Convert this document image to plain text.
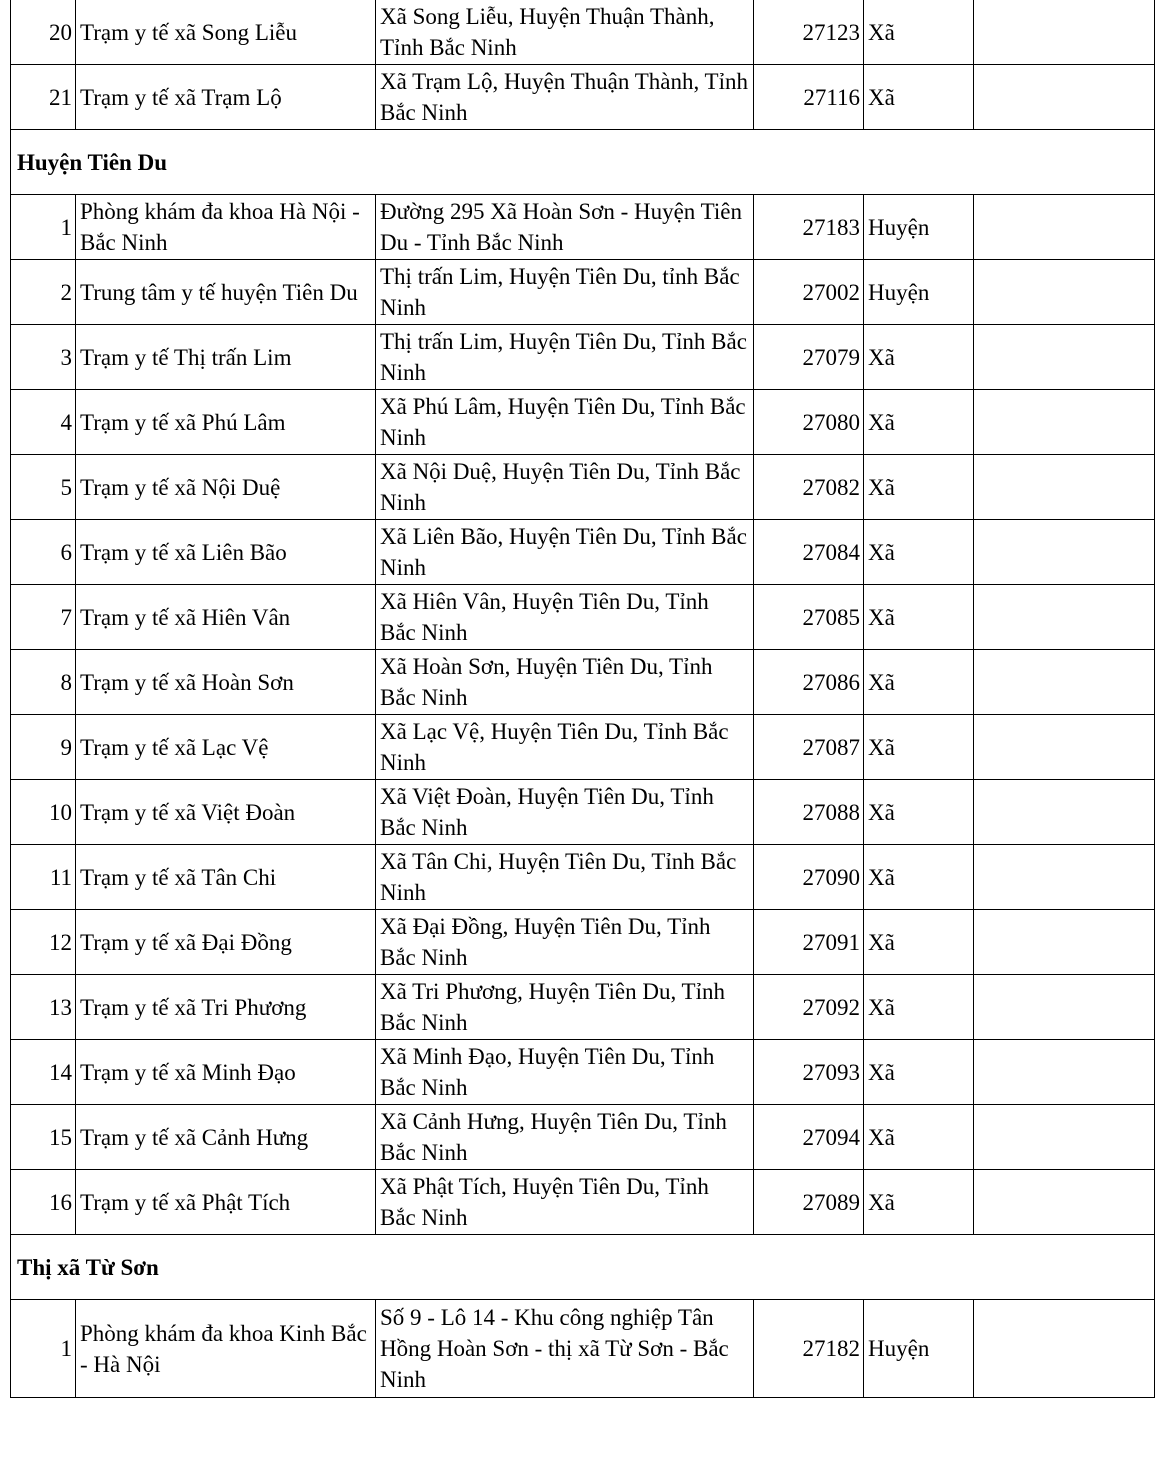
20	Trạm y tế xã Song Liễu	Xã Song Liễu, Huyện Thuận Thành, Tỉnh Bắc Ninh	27123	Xã	
21	Trạm y tế xã Trạm Lộ	Xã Trạm Lộ, Huyện Thuận Thành, Tỉnh Bắc Ninh	27116	Xã	
Huyện Tiên Du					
1	Phòng khám đa khoa Hà Nội - Bắc Ninh	Đường 295 Xã Hoàn Sơn - Huyện Tiên Du - Tỉnh Bắc Ninh	27183	Huyện	
2	Trung tâm y tế huyện Tiên Du	Thị trấn Lim, Huyện Tiên Du, tỉnh Bắc Ninh	27002	Huyện	
3	Trạm y tế Thị trấn Lim	Thị trấn Lim, Huyện Tiên Du, Tỉnh Bắc Ninh	27079	Xã	
4	Trạm y tế xã Phú Lâm	Xã Phú Lâm, Huyện Tiên Du, Tỉnh Bắc Ninh	27080	Xã	
5	Trạm y tế xã Nội Duệ	Xã Nội Duệ, Huyện Tiên Du, Tỉnh Bắc Ninh	27082	Xã	
6	Trạm y tế xã Liên Bão	Xã Liên Bão, Huyện Tiên Du, Tỉnh Bắc Ninh	27084	Xã	
7	Trạm y tế xã Hiên Vân	Xã Hiên Vân, Huyện Tiên Du, Tỉnh Bắc Ninh	27085	Xã	
8	Trạm y tế xã Hoàn Sơn	Xã Hoàn Sơn, Huyện Tiên Du, Tỉnh Bắc Ninh	27086	Xã	
9	Trạm y tế xã Lạc Vệ	Xã Lạc Vệ, Huyện Tiên Du, Tỉnh Bắc Ninh	27087	Xã	
10	Trạm y tế xã Việt Đoàn	Xã Việt Đoàn, Huyện Tiên Du, Tỉnh Bắc Ninh	27088	Xã	
11	Trạm y tế xã Tân Chi	Xã Tân Chi, Huyện Tiên Du, Tỉnh Bắc Ninh	27090	Xã	
12	Trạm y tế xã Đại Đồng	Xã Đại Đồng, Huyện Tiên Du, Tỉnh Bắc Ninh	27091	Xã	
13	Trạm y tế xã Tri Phương	Xã Tri Phương, Huyện Tiên Du, Tỉnh Bắc Ninh	27092	Xã	
14	Trạm y tế xã Minh Đạo	Xã Minh Đạo, Huyện Tiên Du, Tỉnh Bắc Ninh	27093	Xã	
15	Trạm y tế xã Cảnh Hưng	Xã Cảnh Hưng, Huyện Tiên Du, Tỉnh Bắc Ninh	27094	Xã	
16	Trạm y tế xã Phật Tích	Xã Phật Tích, Huyện Tiên Du, Tỉnh Bắc Ninh	27089	Xã	
Thị xã Từ Sơn					
1	Phòng khám đa khoa Kinh Bắc - Hà Nội	Số 9 - Lô 14 - Khu công nghiệp Tân Hồng Hoàn Sơn - thị xã Từ Sơn - Bắc Ninh	27182	Huyện	
